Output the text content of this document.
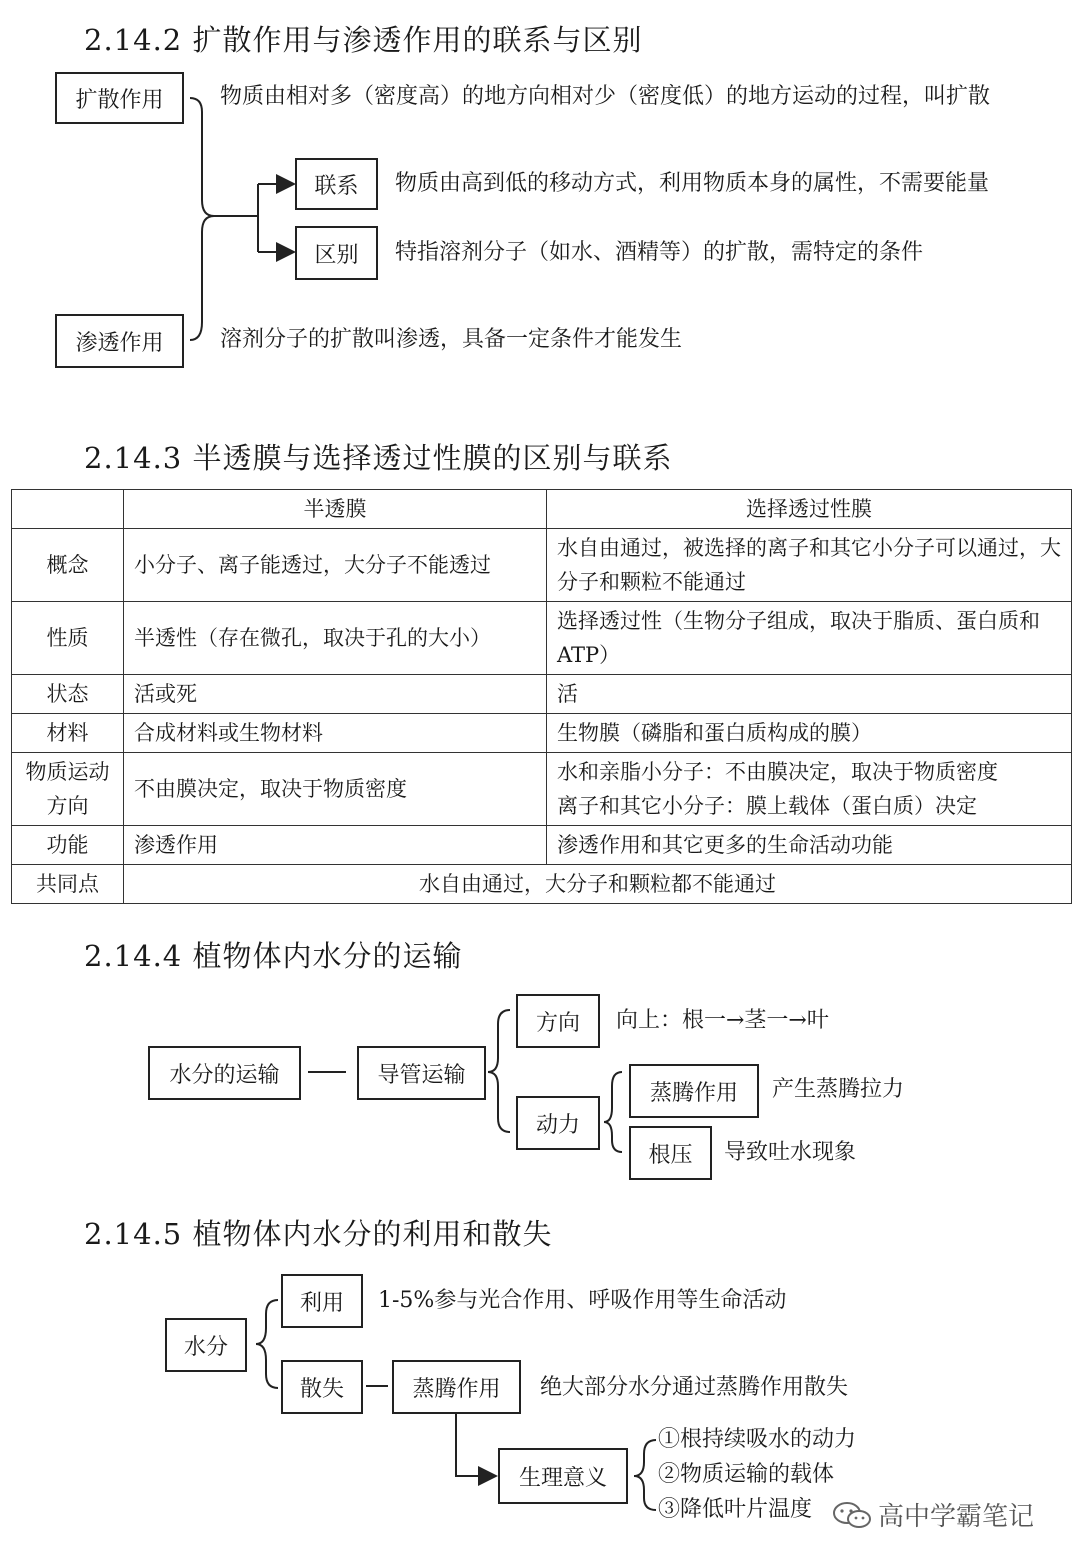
2.14.2 扩散作用与渗透作用的联系与区别
扩散作用	物质由相对多（密度高）的地方向相对少（密度低）的地方运动的过程，叫扩散
联系	物质由高到低的移动方式，利用物质本身的属性，不需要能量
区别	特指溶剂分子（如水、酒精等）的扩散，需特定的条件
渗透作用	溶剂分子的扩散叫渗透，具备一定条件才能发生
2.14.3 半透膜与选择透过性膜的区别与联系
	半透膜	选择透过性膜
概念	小分子、离子能透过，大分子不能透过	水自由通过，被选择的离子和其它小分子可以通过，大分子和颗粒不能通过
性质	半透性（存在微孔，取决于孔的大小）	选择透过性（生物分子组成，取决于脂质、蛋白质和 ATP）
状态	活或死	活
材料	合成材料或生物材料	生物膜（磷脂和蛋白质构成的膜）
物质运动方向	不由膜决定，取决于物质密度	水和亲脂小分子：不由膜决定，取决于物质密度
离子和其它小分子：膜上载体（蛋白质）决定

功能	渗透作用	渗透作用和其它更多的生命活动功能
共同点	水自由通过，大分子和颗粒都不能通过	
2.14.4 植物体内水分的运输
水分的运输	导管运输
方向	向上：根一→茎一→叶
动力
蒸腾作用	产生蒸腾拉力
根压	导致吐水现象
2.14.5 植物体内水分的利用和散失
水分
利用	1-5%参与光合作用、呼吸作用等生命活动
散失	蒸腾作用	绝大部分水分通过蒸腾作用散失
生理意义
①根持续吸水的动力
②物质运输的载体
③降低叶片温度	高中学霸笔记
